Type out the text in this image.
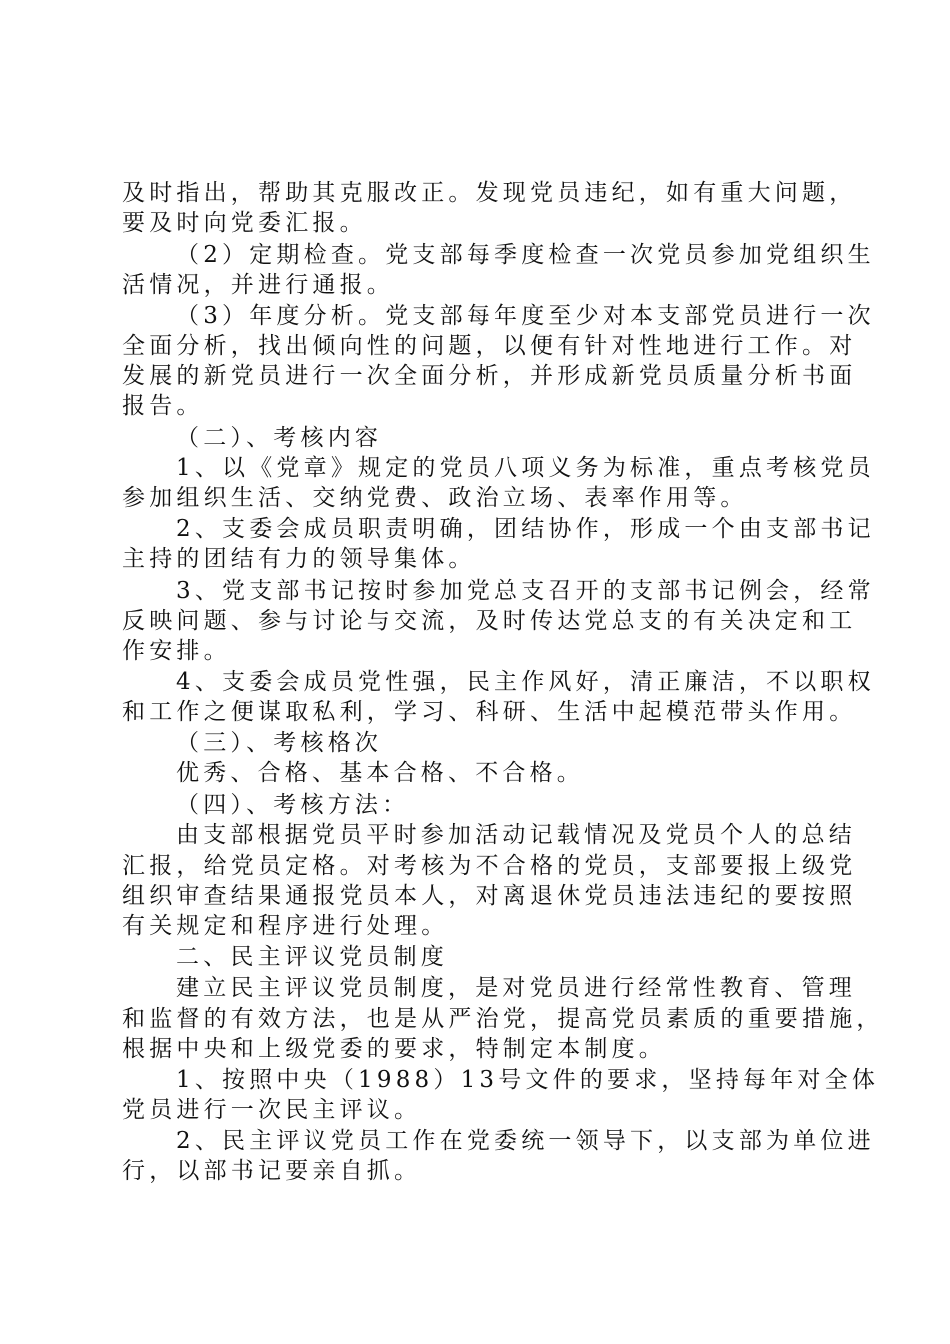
及时指出，帮助其克服改正。发现党员违纪，如有重大问题，
要及时向党委汇报。
（2）定期检查。党支部每季度检查一次党员参加党组织生
活情况，并进行通报。
（3）年度分析。党支部每年度至少对本支部党员进行一次
全面分析，找出倾向性的问题，以便有针对性地进行工作。对
发展的新党员进行一次全面分析，并形成新党员质量分析书面
报告。
（二）、考核内容
1、以《党章》规定的党员八项义务为标准，重点考核党员
参加组织生活、交纳党费、政治立场、表率作用等。
2、支委会成员职责明确，团结协作，形成一个由支部书记
主持的团结有力的领导集体。
3、党支部书记按时参加党总支召开的支部书记例会，经常
反映问题、参与讨论与交流，及时传达党总支的有关决定和工
作安排。
4、支委会成员党性强，民主作风好，清正廉洁，不以职权
和工作之便谋取私利，学习、科研、生活中起模范带头作用。
（三）、考核格次
优秀、合格、基本合格、不合格。
（四）、考核方法：
由支部根据党员平时参加活动记载情况及党员个人的总结
汇报，给党员定格。对考核为不合格的党员，支部要报上级党
组织审查结果通报党员本人，对离退休党员违法违纪的要按照
有关规定和程序进行处理。
二、民主评议党员制度
建立民主评议党员制度，是对党员进行经常性教育、管理
和监督的有效方法，也是从严治党，提高党员素质的重要措施，
根据中央和上级党委的要求，特制定本制度。
1、按照中央（1988）13号文件的要求，坚持每年对全体
党员进行一次民主评议。
2、民主评议党员工作在党委统一领导下，以支部为单位进
行，以部书记要亲自抓。
